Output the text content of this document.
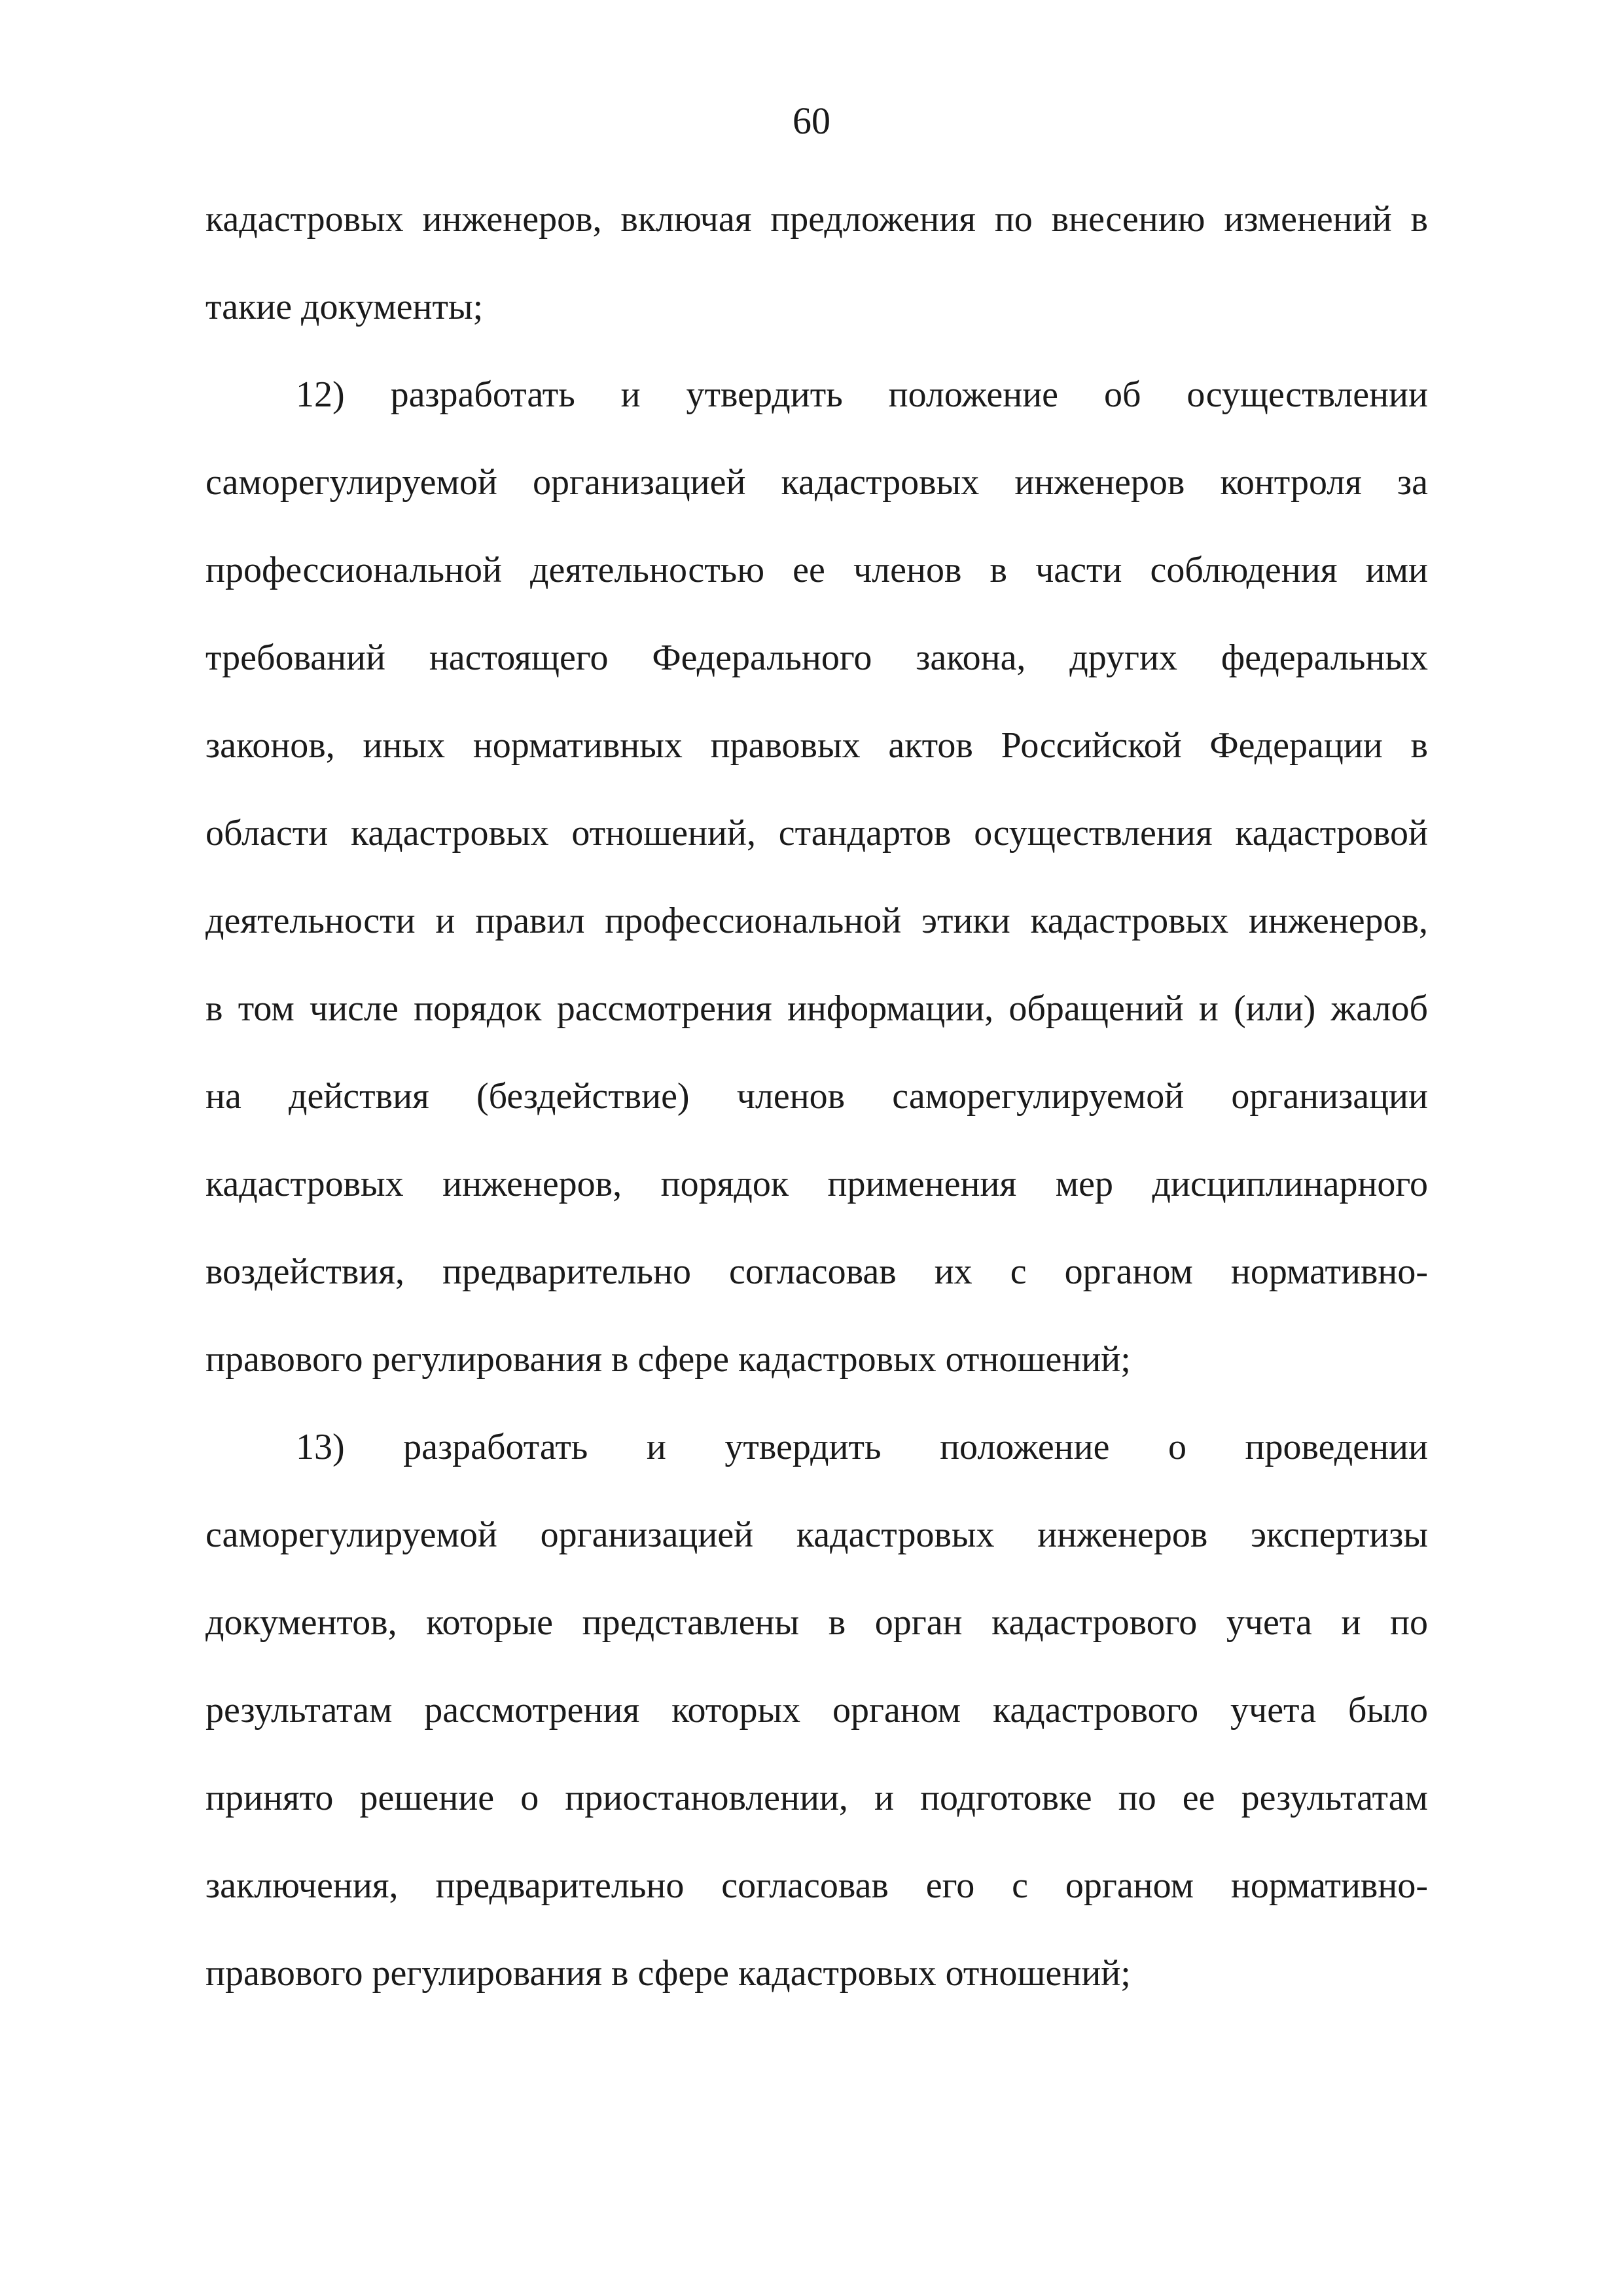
60
кадастровых инженеров, включая предложения по внесению изменений в
такие документы;
12) разработать и утвердить положение об осуществлении
саморегулируемой организацией кадастровых инженеров контроля за
профессиональной деятельностью ее членов в части соблюдения ими
требований настоящего Федерального закона, других федеральных
законов, иных нормативных правовых актов Российской Федерации в
области кадастровых отношений, стандартов осуществления кадастровой
деятельности и правил профессиональной этики кадастровых инженеров,
в том числе порядок рассмотрения информации, обращений и (или) жалоб
на действия (бездействие) членов саморегулируемой организации
кадастровых инженеров, порядок применения мер дисциплинарного
воздействия, предварительно согласовав их с органом нормативно-
правового регулирования в сфере кадастровых отношений;
13) разработать и утвердить положение о проведении
саморегулируемой организацией кадастровых инженеров экспертизы
документов, которые представлены в орган кадастрового учета и по
результатам рассмотрения которых органом кадастрового учета было
принято решение о приостановлении, и подготовке по ее результатам
заключения, предварительно согласовав его с органом нормативно-
правового регулирования в сфере кадастровых отношений;
